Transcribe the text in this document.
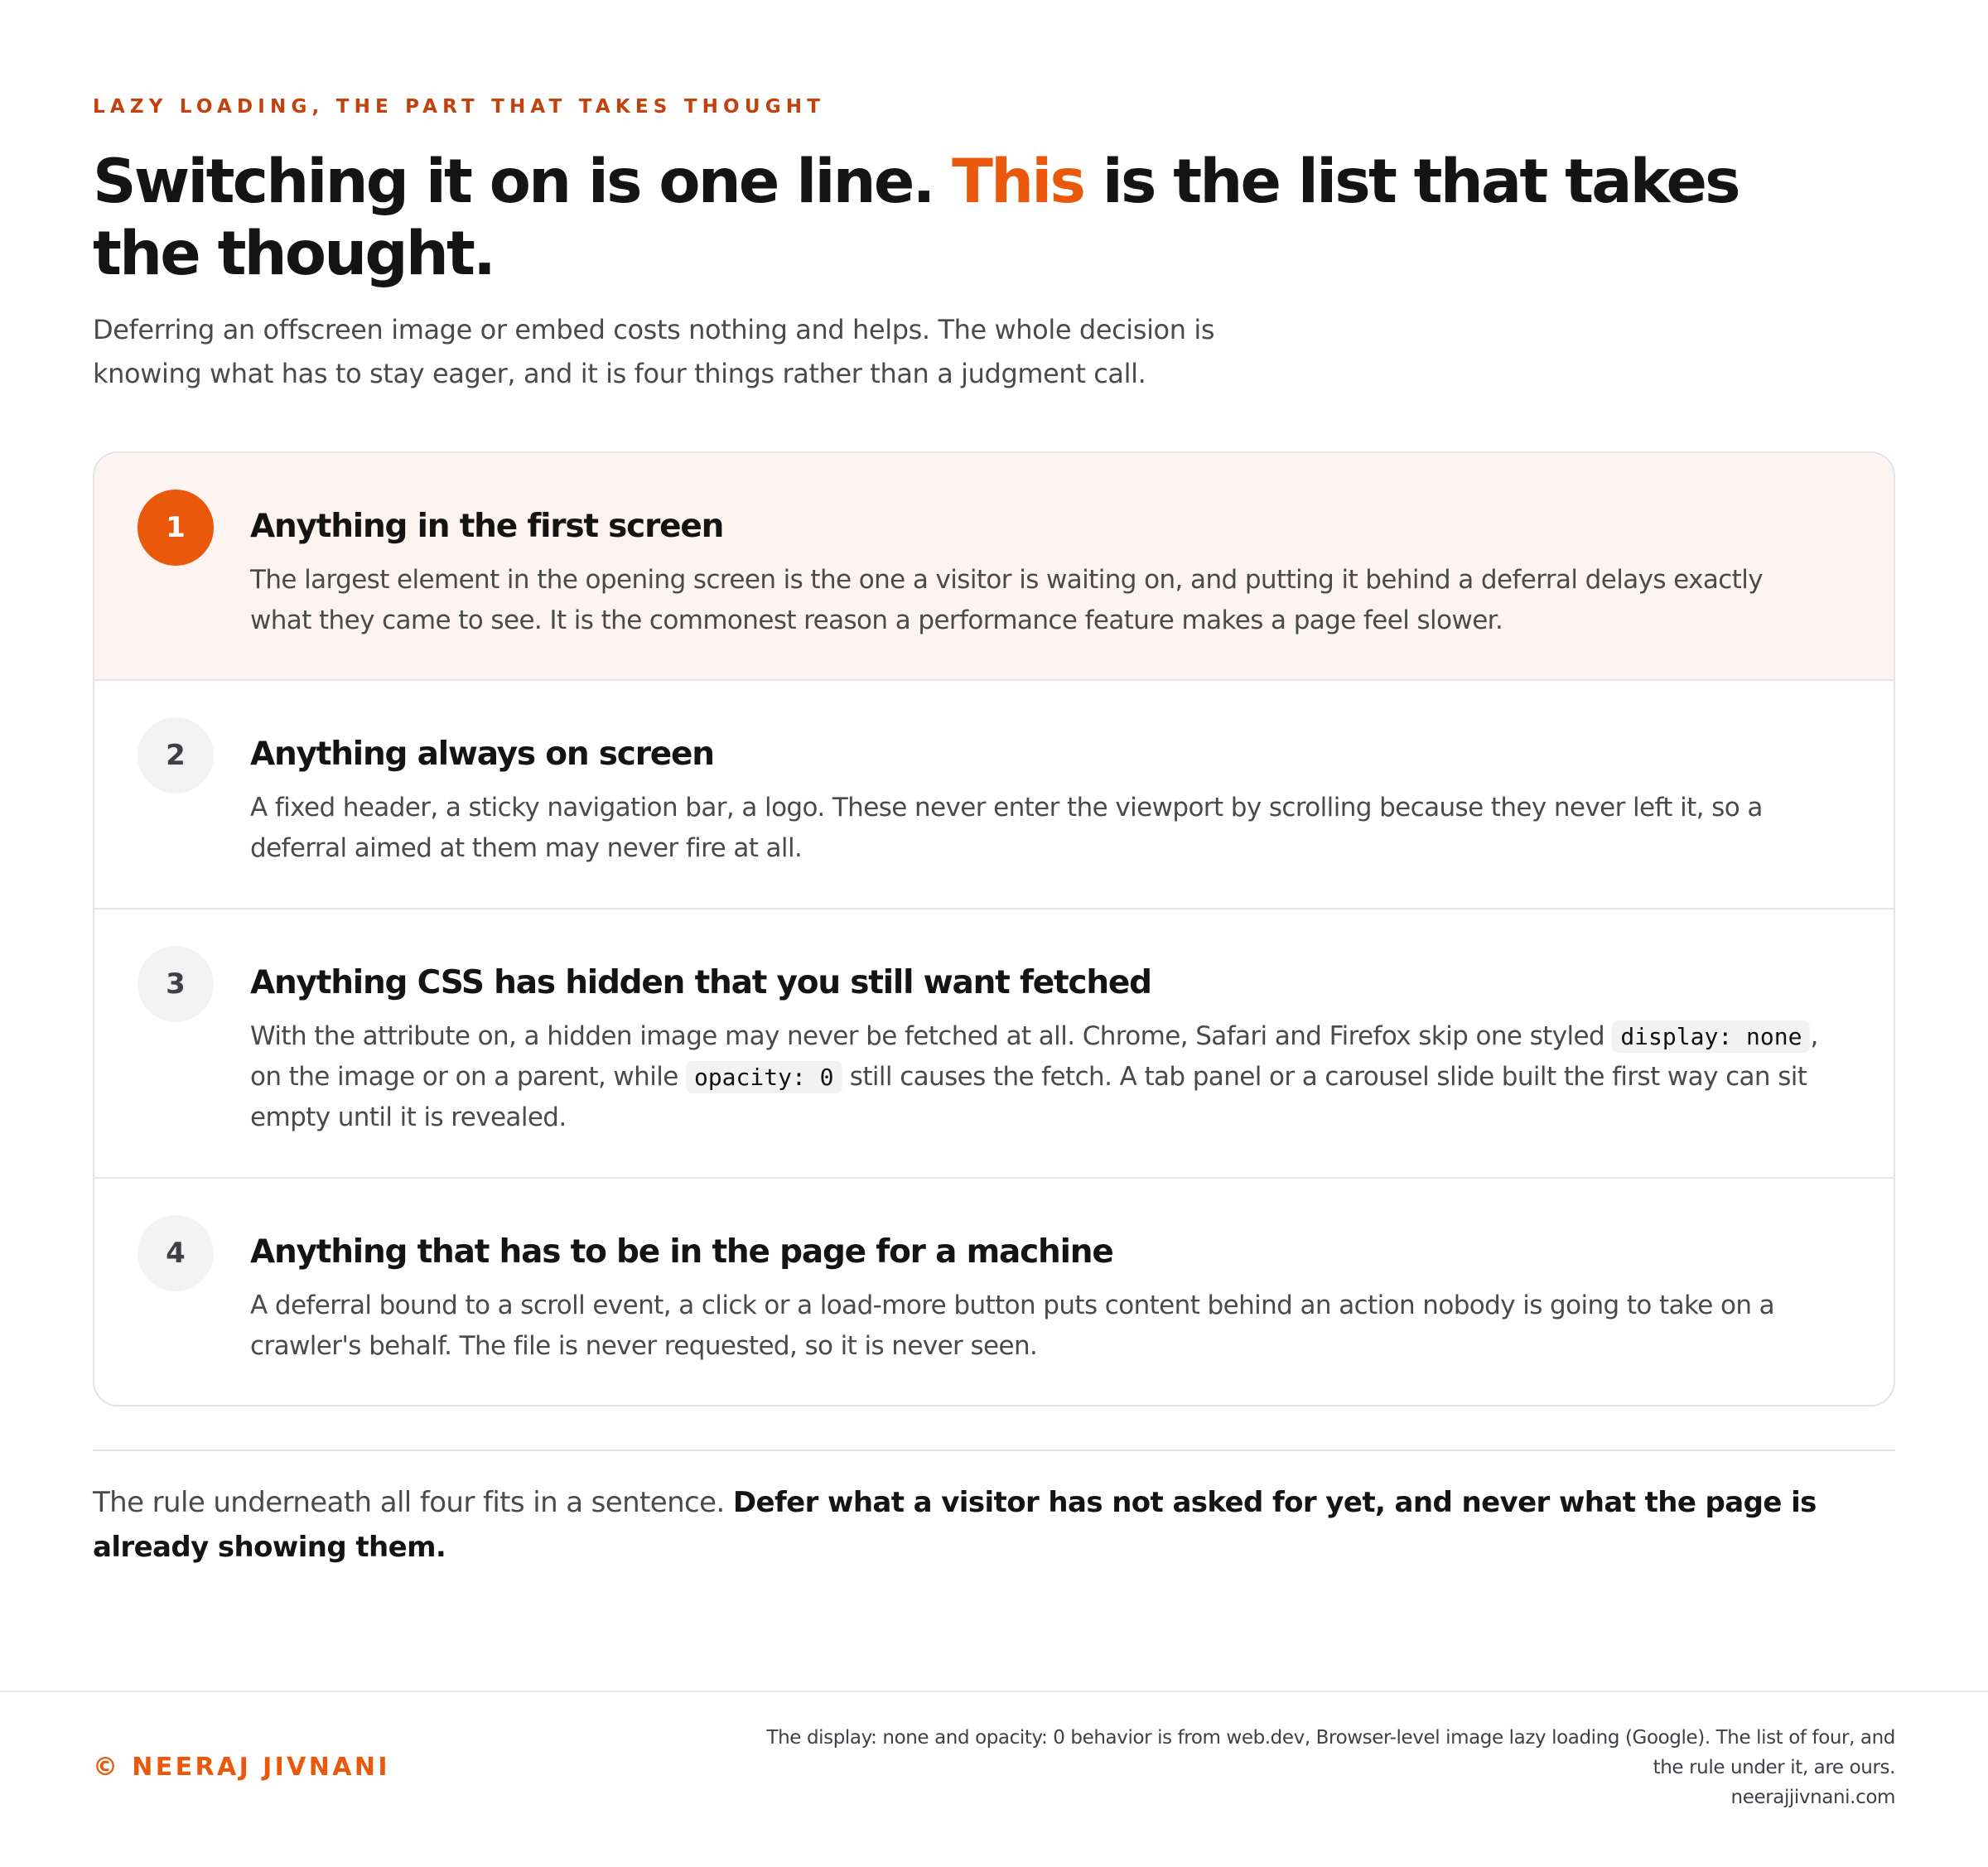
LAZY LOADING, THE PART THAT TAKES THOUGHT
Switching it on is one line. This is the list that takes the thought.

Deferring an offscreen image or embed costs nothing and helps. The whole decision is knowing what has to stay eager, and it is four things rather than a judgment call.

1	Anything in the first screen
The largest element in the opening screen is the one a visitor is waiting on, and putting it behind a deferral delays exactly what they came to see. It is the commonest reason a performance feature makes a page feel slower.
2	Anything always on screen
A fixed header, a sticky navigation bar, a logo. These never enter the viewport by scrolling because they never left it, so a deferral aimed at them may never fire at all.
3	Anything CSS has hidden that you still want fetched
With the attribute on, a hidden image may never be fetched at all. Chrome, Safari and Firefox skip one styled display: none , on the image or on a parent, while opacity: 0 still causes the fetch. A tab panel or a carousel slide built the first way can sit empty until it is revealed.
4	Anything that has to be in the page for a machine
A deferral bound to a scroll event, a click or a load-more button puts content behind an action nobody is going to take on a crawler's behalf. The file is never requested, so it is never seen.

The rule underneath all four fits in a sentence. Defer what a visitor has not asked for yet, and never what the page is already showing them.

© NEERAJ JIVNANI
The display: none and opacity: 0 behavior is from web.dev, Browser-level image lazy loading (Google). The list of four, and the rule under it, are ours.
neerajjivnani.com
